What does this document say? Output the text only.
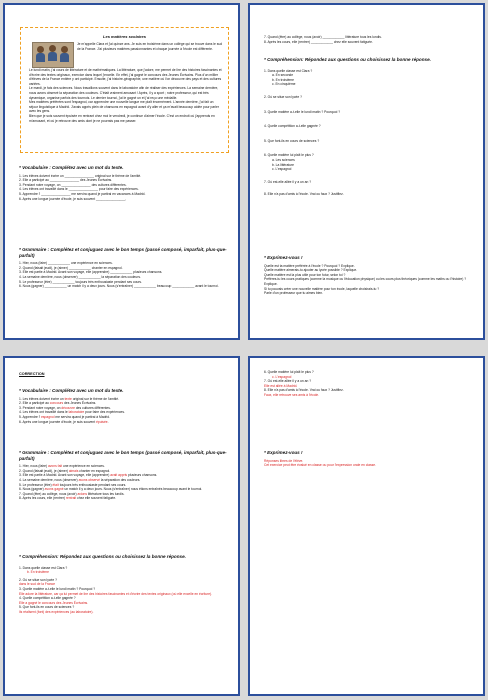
Les matières scolaires

Je m'appelle Clara et j'ai quinze ans. Je suis en troisième dans un collège qui se trouve dans le sud de la France. J'ai plusieurs matières passionnantes et chaque journée à l'école est différente.

Le lundi matin, j'ai cours de littérature et de mathématiques. La littérature, que j'adore, me permet de lire des histoires fascinantes et d'écrire des textes originaux, exercice dans lequel j'excelle. En effet, j'ai gagné le concours des Jeunes Écrivains. Plus d'un millier d'élèves de la France entière y ont participé. Ensuite, j'ai histoire-géographie, une matière où l'on découvre des pays et des cultures variées.

Le mardi, je fais des sciences. Nous travaillons souvent dans le laboratoire afin de réaliser des expériences. La semaine dernière, nous avons observé la séparation des couleurs. C'était vraiment amusant ! Après, il y a sport ; notre professeur, qui est très dynamique, organise parfois des tournois. Le dernier tournoi, j'ai le gagné un et j'ai reçu une médaille.

Mes matières préférées sont l'espagnol, car apprendre une nouvelle langue me plaît énormément. L'année dernière, j'ai fait un séjour linguistique à Madrid. J'avais appris plein de chansons en espagnol avant d'y aller et ça m'avait beaucoup aidée pour parler avec les gens.

Bien que je sois souvent épuisée en rentrant chez moi le vendredi, je continue d'aimer l'école. C'est un endroit où j'apprends en m'amusant, et où je retrouve des amis dont je ne pourrais pas me passer.

* Vocabulaire : Complétez avec un mot du texte.

1. Les élèves doivent écrire un ________________ original sur le thème de l'amitié.

2. Elle a participé au ________________ des Jeunes Écrivains.

3. Pendant notre voyage, on ________________ des cultures différentes.

4. Les élèves ont travaillé dans le ________________ pour faire des expériences.

5. Apprendre l' ________________ me servira quand je partirai en vacances à Madrid.

6. Après une longue journée d'école, je suis souvent ________________.

* Grammaire : Complétez et conjuguez avec le bon temps (passé composé, imparfait, plus-que-parfait)

1. Hier, nous (faire) ____________ une expérience en sciences.

2. Quand (faisait jeudi), je (aimer) ____________ chanter en espagnol.

3. Elle est partie à Madrid. Avant son voyage, elle (apprendre) ____________ plusieurs chansons.

4. La semaine dernière, nous (observer) ____________ la séparation des couleurs.

5. Le professeur (être) ____________ toujours très enthousiaste pendant ses cours.

6. Nous (gagner) ____________ un match il y a deux jours. Nous (s'entraîner) ____________ beaucoup ____________ avant le tournoi.

7. Quand (être) au collège, nous (avoir) ____________ littérature tous les lundis.

8. Après les cours, elle (rentrer) ____________ chez elle souvent fatiguée.

* Compréhension: Répondez aux questions ou choisissez la bonne réponse.

1. Dans quelle classe est Clara ?

a. En seconde

b. En troisième

c. En cinquième

2. Où se situe son lycée ?

3. Quelle matière a-t-elle le lundi matin ? Pourquoi ?

4. Quelle compétition a-t-elle gagnée ?

5. Que font-ils en cours de sciences ?

6. Quelle matière lui plaît le plus ?

a. Les sciences

b. La littérature

c. L'espagnol

7. Où est-elle allée il y a un an ?

8. Elle n'a pas d'amis à l'école. Vrai ou faux ? Justifiez.

* Exprimez-vous !

Quelle est ta matière préférée à l'école ? Pourquoi ? Explique.

Quelle matière aimerais-tu ajouter au lycée possible ? Explique.

Quelle matière est la plus utile pour ton futur, selon toi ?

Préfères-tu les cours pratiques (comme la musique ou l'éducation physique) ou les cours plus théoriques (comme les maths ou l'histoire) ? Explique.

Si tu pouvais créer une nouvelle matière pour ton école, laquelle choisirais-tu ?

Parle d'un professeur que tu aimes bien.

CORRECTION

* Vocabulaire : Complétez avec un mot du texte.

1. Les élèves doivent écrire un texte original sur le thème de l'amitié.

2. Elle a participé au concours des Jeunes Écrivains.

3. Pendant notre voyage, on découvre des cultures différentes.

4. Les élèves ont travaillé dans le laboratoire pour faire des expériences.

5. Apprendre l' espagnol me servira quand je partirai à Madrid.

6. Après une longue journée d'école, je suis souvent épuisée.

* Grammaire : Complétez et conjuguez avec le bon temps (passé composé, imparfait, plus-que-parfait)

1. Hier, nous (faire) avons fait une expérience en sciences.

2. Quand (faisait jeudi), je (aimer) aimais chanter en espagnol.

3. Elle est partie à Madrid. Avant son voyage, elle (apprendre) avait appris plusieurs chansons.

4. La semaine dernière, nous (observer) avons observé la séparation des couleurs.

5. Le professeur (être) était toujours très enthousiaste pendant ses cours.

6. Nous (gagner) avons gagné un match il y a deux jours. Nous (s'entraîner) nous étions entraînés beaucoup avant le tournoi.

7. Quand (être) au collège, nous (avoir) avions littérature tous les lundis.

8. Après les cours, elle (rentrer) rentrait chez elle souvent fatiguée.

* Compréhension: Répondez aux questions ou choisissez la bonne réponse.

1. Dans quelle classe est Clara ?

b. En troisième

2. Où se situe son lycée ?

dans le sud de la France

3. Quelle matière a-t-elle le lundi matin ? Pourquoi ?

Elle adore la littérature, car ça lui permet de lire des histoires fascinantes et d'écrire des textes originaux (où elle excelle en écriture).

4. Quelle compétition a-t-elle gagnée ?

Elle a gagné le concours des Jeunes Écrivains.

5. Que font-ils en cours de sciences ?

Ils réalisent (font) des expériences (au laboratoire).

6. Quelle matière lui plaît le plus ?

c. L'espagnol

7. Où est-elle allée il y a un an ?

Elle est allée à Madrid.

8. Elle n'a pas d'amis à l'école. Vrai ou faux ? Justifiez.

Faux, elle retrouve ses amis à l'école.

* Exprimez-vous !

Réponses libres de l'élève.

Cet exercice peut être évalué en classe ou pour l'expression orale en classe.
